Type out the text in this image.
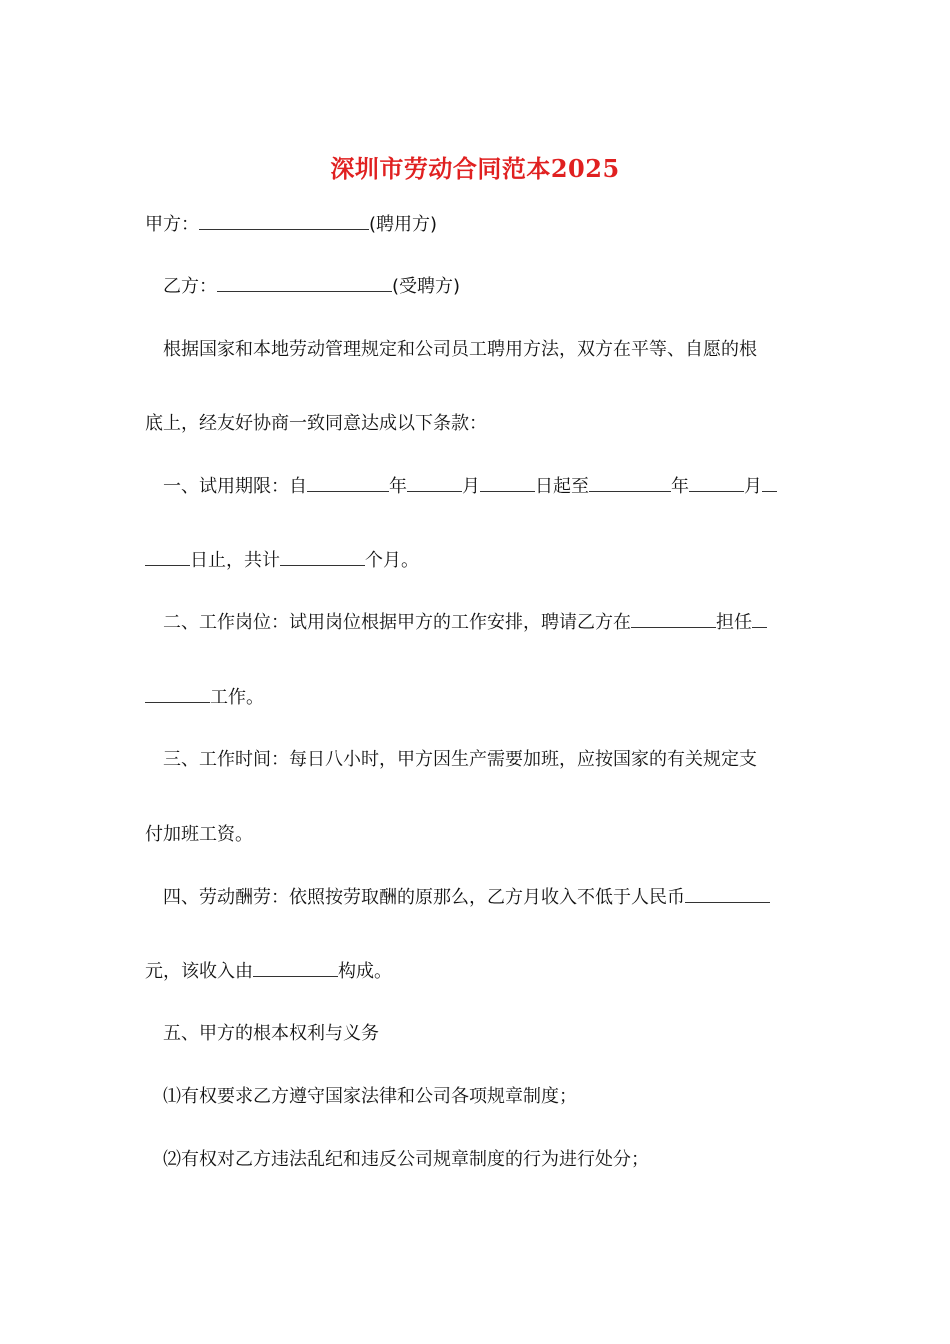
深圳市劳动合同范本2025
甲方：	(聘用方)
乙方：	(受聘方)
根据国家和本地劳动管理规定和公司员工聘用方法，双方在平等、自愿的根
底上，经友好协商一致同意达成以下条款：
一、试用期限：自	年	月	日起至	年	月
日止，共计	个月。
二、工作岗位：试用岗位根据甲方的工作安排，聘请乙方在	担任
工作。
三、工作时间：每日八小时，甲方因生产需要加班，应按国家的有关规定支
付加班工资。
四、劳动酬劳：依照按劳取酬的原那么，乙方月收入不低于人民币
元，该收入由	构成。
五、甲方的根本权利与义务
⑴有权要求乙方遵守国家法律和公司各项规章制度；
⑵有权对乙方违法乱纪和违反公司规章制度的行为进行处分；
